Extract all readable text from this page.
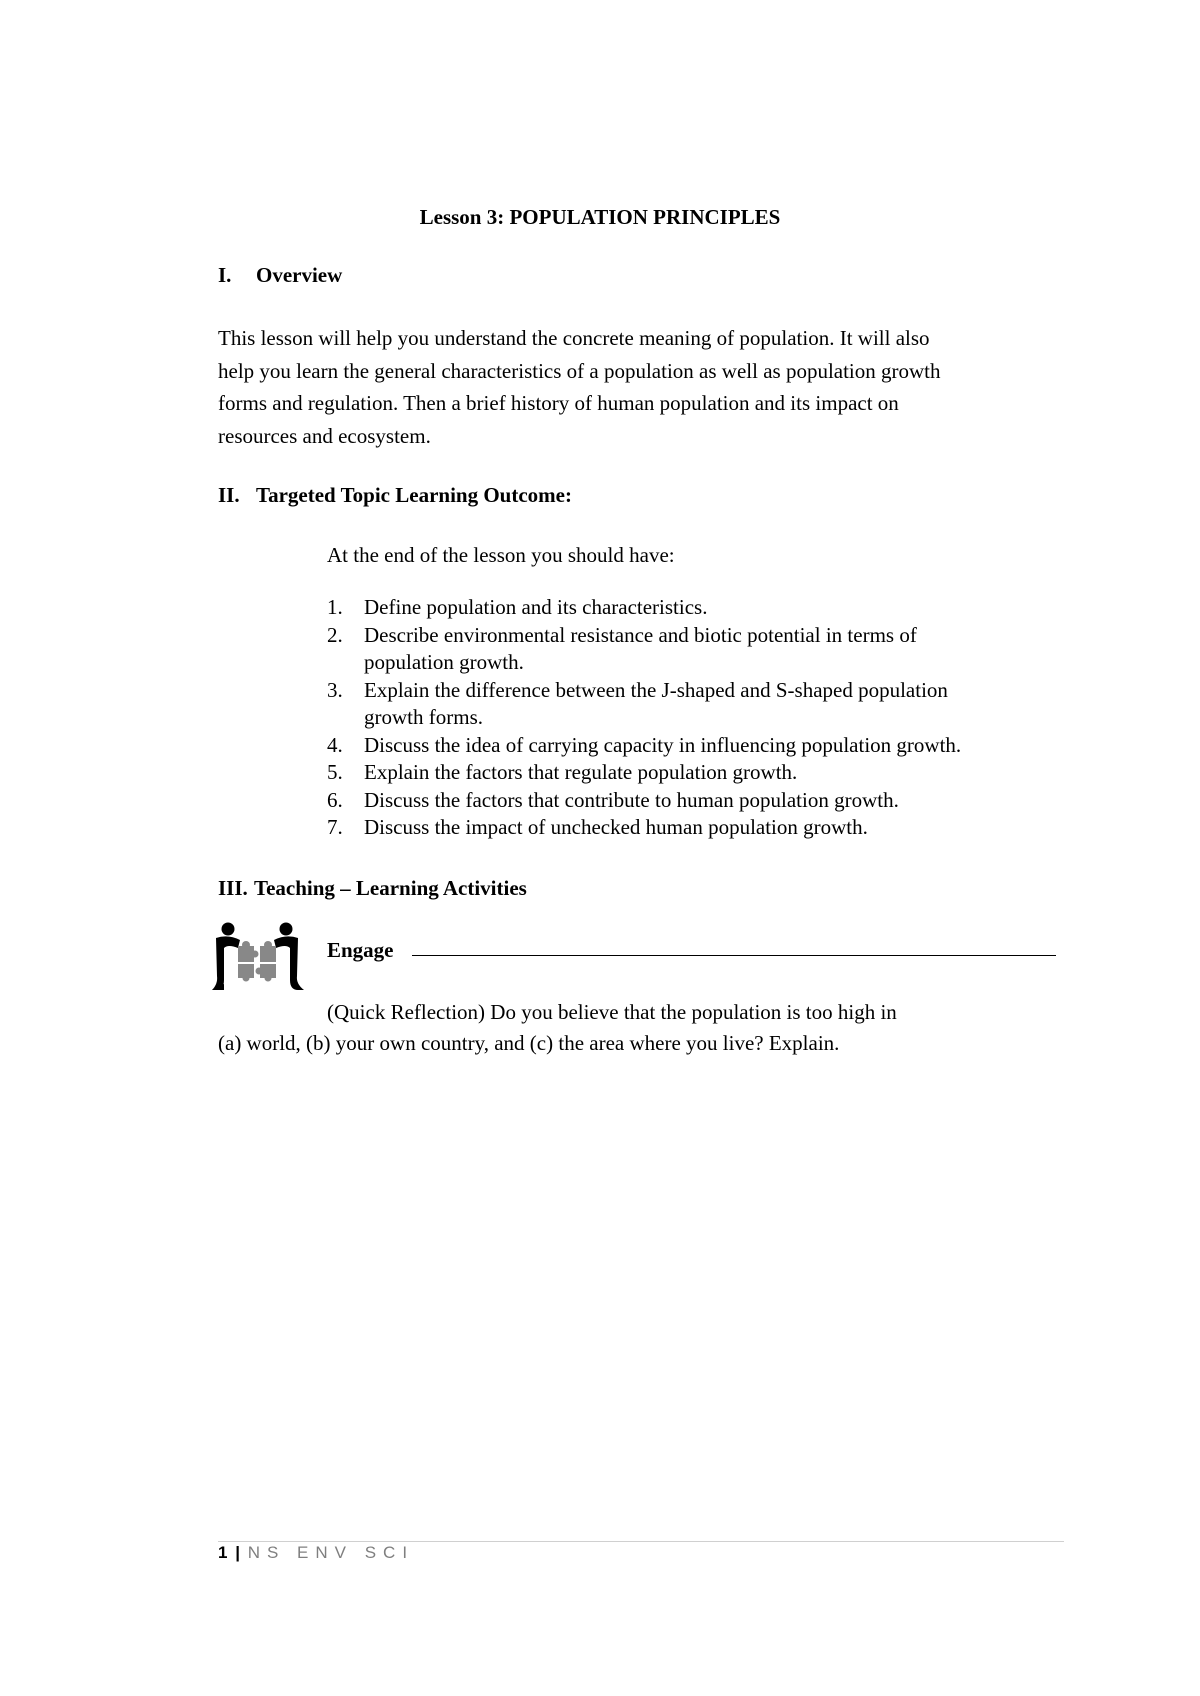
Lesson 3: POPULATION PRINCIPLES
I. Overview
This lesson will help you understand the concrete meaning of population. It will also
help you learn the general characteristics of a population as well as population growth
forms and regulation. Then a brief history of human population and its impact on
resources and ecosystem.
II. Targeted Topic Learning Outcome:
At the end of the lesson you should have:
1. Define population and its characteristics.
2. Describe environmental resistance and biotic potential in terms of
population growth.
3. Explain the difference between the J-shaped and S-shaped population
growth forms.
4. Discuss the idea of carrying capacity in influencing population growth.
5. Explain the factors that regulate population growth.
6. Discuss the factors that contribute to human population growth.
7. Discuss the impact of unchecked human population growth.
III. Teaching – Learning Activities
Engage
(Quick Reflection) Do you believe that the population is too high in
(a) world, (b) your own country, and (c) the area where you live? Explain.
1 | NS ENV SCI
